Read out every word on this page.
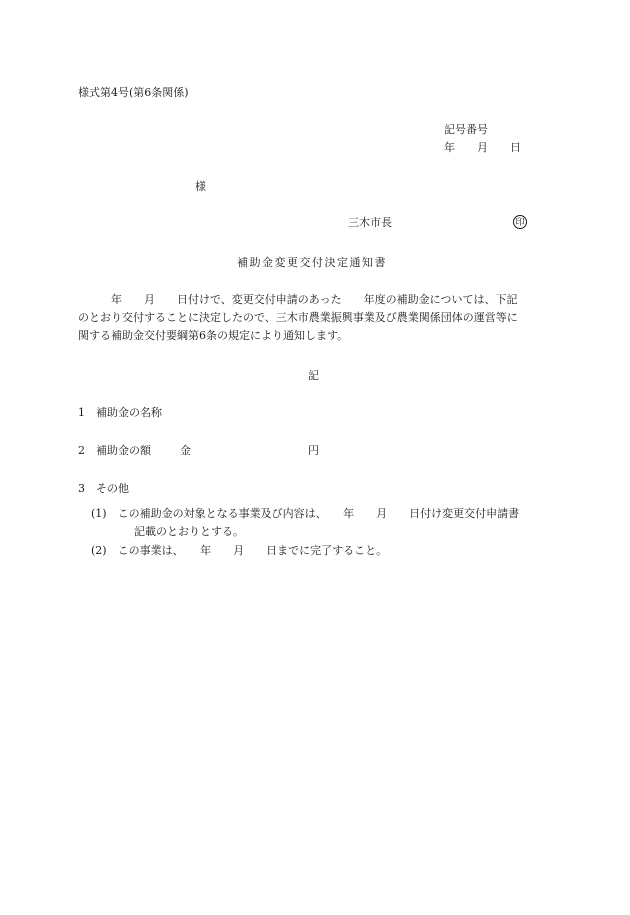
様式第4号(第6条関係)
記号番号
年　　月　　日
様
三木市長	印
補助金変更交付決定通知書
　　　年　　月　　日付けで、変更交付申請のあった　　年度の補助金については、下記
のとおり交付することに決定したので、三木市農業振興事業及び農業関係団体の運営等に
関する補助金交付要綱第6条の規定により通知します。
記
1　補助金の名称
2　補助金の額	金	円
3　その他
(1)　この補助金の対象となる事業及び内容は、　　年　　月　　日付け変更交付申請書
記載のとおりとする。
(2)　この事業は、　　年　　月　　日までに完了すること。
